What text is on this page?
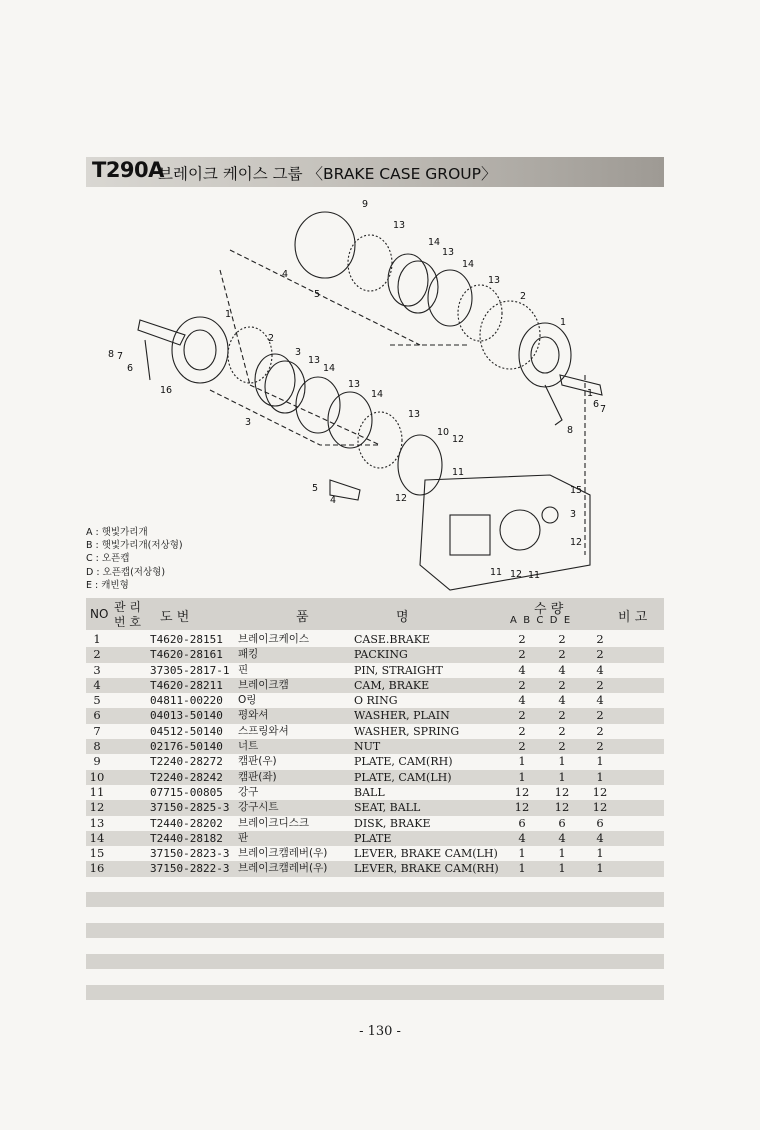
T290A
브레이크 케이스 그룹 〈BRAKE CASE GROUP〉
9
13
14
13
14
13
2
1
4
5
8 7
6
16
1
2
3
13
14
13
14
3
13
10
12
11
5
4	12
1
6 7
8
15
3
12
11 12 11
A : 햇빛가리개
B : 햇빛가리개(저상형)
C : 오픈캡
D : 오픈캡(저상형)
E : 캐빈형
NO 관 리
번 호 도 번	품	명
수 량
A  B  C  D  E	비 고
1	T4620-28151 브레이크케이스	CASE.BRAKE	2	2	2
2	T4620-28161 패킹	PACKING	2	2	2
3	37305-2817-1 핀	PIN, STRAIGHT	4	4	4
4	T4620-28211 브레이크캠	CAM, BRAKE	2	2	2
5	04811-00220 O링	O RING	4	4	4
6	04013-50140 평와셔	WASHER, PLAIN	2	2	2
7	04512-50140 스프링와셔	WASHER, SPRING	2	2	2
8	02176-50140 너트	NUT	2	2	2
9	T2240-28272 캠판(우)	PLATE, CAM(RH)	1	1	1
10	T2240-28242 캠판(좌)	PLATE, CAM(LH)	1	1	1
11	07715-00805 강구	BALL	12 12 12
12	37150-2825-3 강구시트	SEAT, BALL	12 12 12
13	T2440-28202 브레이크디스크	DISK, BRAKE	6	6	6
14	T2440-28182 판	PLATE	4	4	4
15	37150-2823-3 브레이크캠레버(우) LEVER, BRAKE CAM(LH)	1	1	1
16	37150-2822-3 브레이크캠레버(우) LEVER, BRAKE CAM(RH)	1	1	1
- 130 -
